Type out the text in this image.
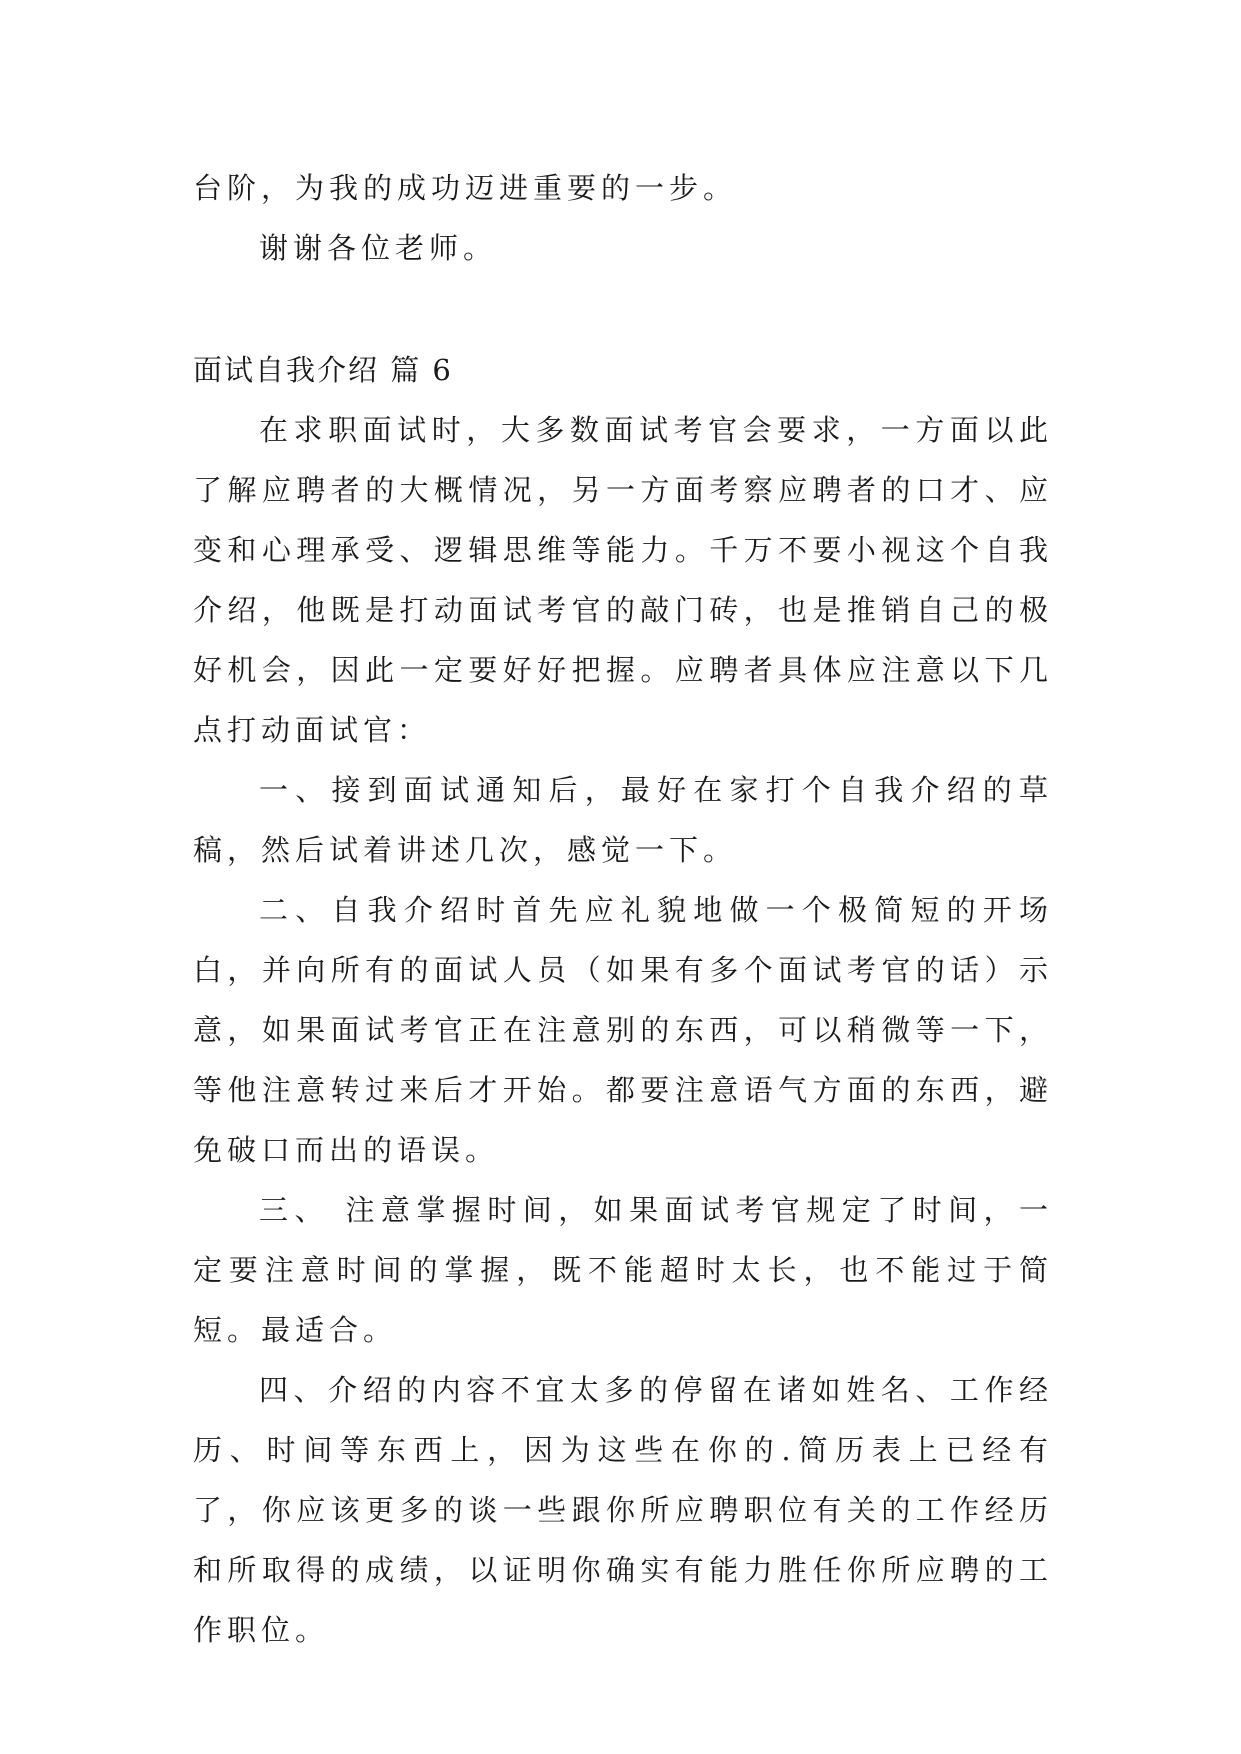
台阶，为我的成功迈进重要的一步。

谢谢各位老师。

面试自我介绍 篇 6

在求职面试时，大多数面试考官会要求，一方面以此了解应聘者的大概情况，另一方面考察应聘者的口才、应变和心理承受、逻辑思维等能力。千万不要小视这个自我介绍，他既是打动面试考官的敲门砖，也是推销自己的极好机会，因此一定要好好把握。应聘者具体应注意以下几点打动面试官：

一、接到面试通知后，最好在家打个自我介绍的草稿，然后试着讲述几次，感觉一下。

二、自我介绍时首先应礼貌地做一个极简短的开场白，并向所有的面试人员（如果有多个面试考官的话）示意，如果面试考官正在注意别的东西，可以稍微等一下，等他注意转过来后才开始。都要注意语气方面的东西，避免破口而出的语误。

三、 注意掌握时间，如果面试考官规定了时间，一定要注意时间的掌握，既不能超时太长，也不能过于简短。最适合。

四、介绍的内容不宜太多的停留在诸如姓名、工作经历、时间等东西上，因为这些在你的.简历表上已经有了，你应该更多的谈一些跟你所应聘职位有关的工作经历和所取得的成绩，以证明你确实有能力胜任你所应聘的工作职位。
